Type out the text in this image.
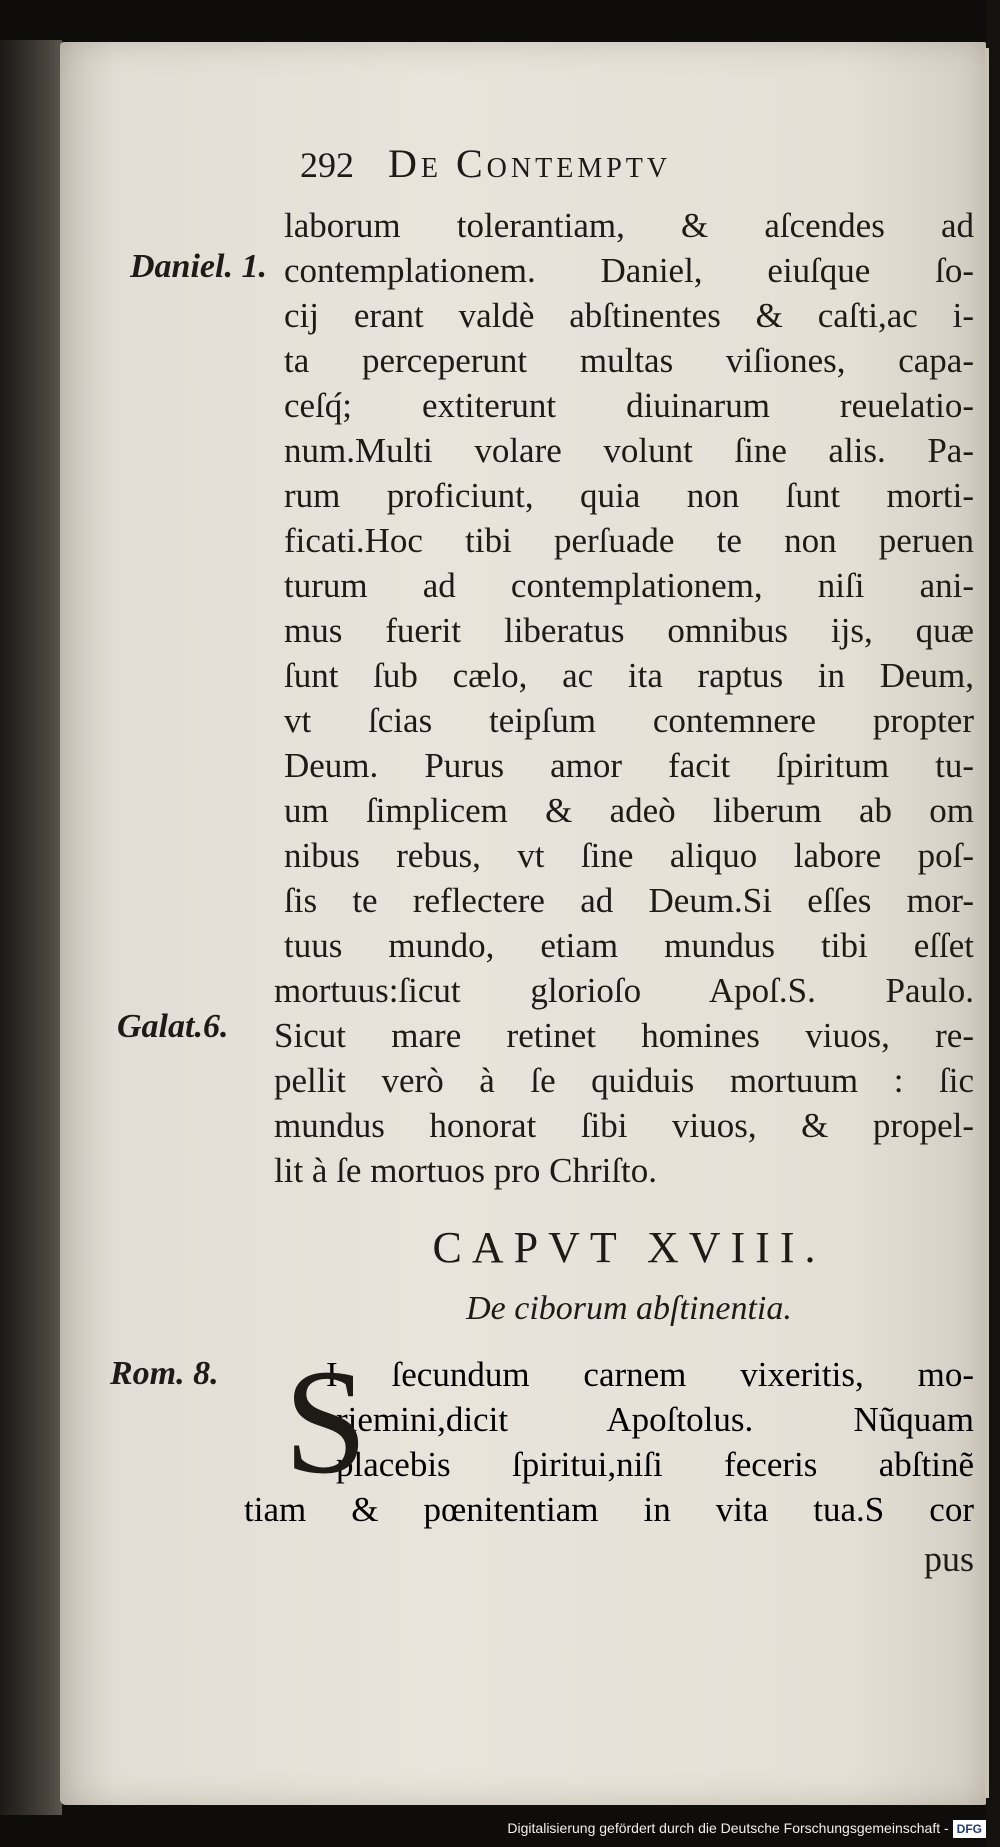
292 De Contemptv
Daniel. 1.
Galat.6.
Rom. 8.
laborum tolerantiam, & aſcendes ad
contemplationem. Daniel, eiuſque ſo-
cij erant valdè abſtinentes & caſti,ac i-
ta perceperunt multas viſiones, capa-
ceſq́; extiterunt diuinarum reuelatio-
num.Multi volare volunt ſine alis. Pa-
rum proficiunt, quia non ſunt morti-
ficati.Hoc tibi perſuade te non peruen
turum ad contemplationem, niſi ani-
mus fuerit liberatus omnibus ijs, quæ
ſunt ſub cælo, ac ita raptus in Deum,
vt ſcias teipſum contemnere propter
Deum. Purus amor facit ſpiritum tu-
um ſimplicem & adeò liberum ab om
nibus rebus, vt ſine aliquo labore poſ-
ſis te reflectere ad Deum.Si eſſes mor-
tuus mundo, etiam mundus tibi eſſet
mortuus:ſicut glorioſo Apoſ.S. Paulo.
Sicut mare retinet homines viuos, re-
pellit verò à ſe quiduis mortuum : ſic
mundus honorat ſibi viuos, & propel-
lit à ſe mortuos pro Chriſto.
CAPVT XVIII.
De ciborum abſtinentia.
S
I ſecundum carnem vixeritis, mo-
riemini,dicit Apoſtolus. Nũquam
placebis ſpiritui,niſi feceris abſtinẽ
tiam & pœnitentiam in vita tua.S cor
pus
Digitalisierung gefördert durch die Deutsche Forschungsgemeinschaft - DFG
